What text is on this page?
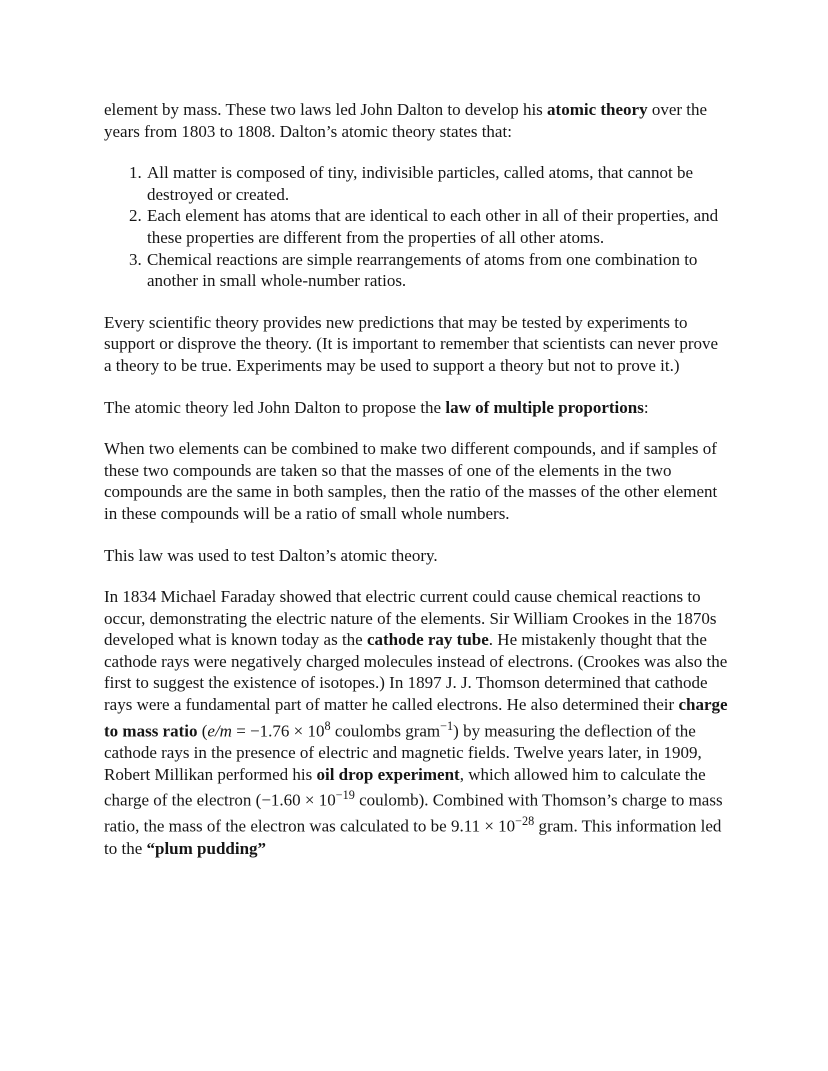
element by mass. These two laws led John Dalton to develop his atomic theory over the years from 1803 to 1808. Dalton’s atomic theory states that:

1. All matter is composed of tiny, indivisible particles, called atoms, that cannot be destroyed or created.
2. Each element has atoms that are identical to each other in all of their properties, and these properties are different from the properties of all other atoms.
3. Chemical reactions are simple rearrangements of atoms from one combination to another in small whole-number ratios.

Every scientific theory provides new predictions that may be tested by experiments to support or disprove the theory. (It is important to remember that scientists can never prove a theory to be true. Experiments may be used to support a theory but not to prove it.)

The atomic theory led John Dalton to propose the law of multiple proportions:

When two elements can be combined to make two different compounds, and if samples of these two compounds are taken so that the masses of one of the elements in the two compounds are the same in both samples, then the ratio of the masses of the other element in these compounds will be a ratio of small whole numbers.

This law was used to test Dalton’s atomic theory.

In 1834 Michael Faraday showed that electric current could cause chemical reactions to occur, demonstrating the electric nature of the elements. Sir William Crookes in the 1870s developed what is known today as the cathode ray tube. He mistakenly thought that the cathode rays were negatively charged molecules instead of electrons. (Crookes was also the first to suggest the existence of isotopes.) In 1897 J. J. Thomson determined that cathode rays were a fundamental part of matter he called electrons. He also determined their charge to mass ratio ($e/m = -1.76 \times 10^8$ coulombs gram$^{-1}$) by measuring the deflection of the cathode rays in the presence of electric and magnetic fields. Twelve years later, in 1909, Robert Millikan performed his oil drop experiment, which allowed him to calculate the charge of the electron ($-1.60 \times 10^{-19}$ coulomb). Combined with Thomson’s charge to mass ratio, the mass of the electron was calculated to be $9.11 \times 10^{-28}$ gram. This information led to the “plum pudding”
